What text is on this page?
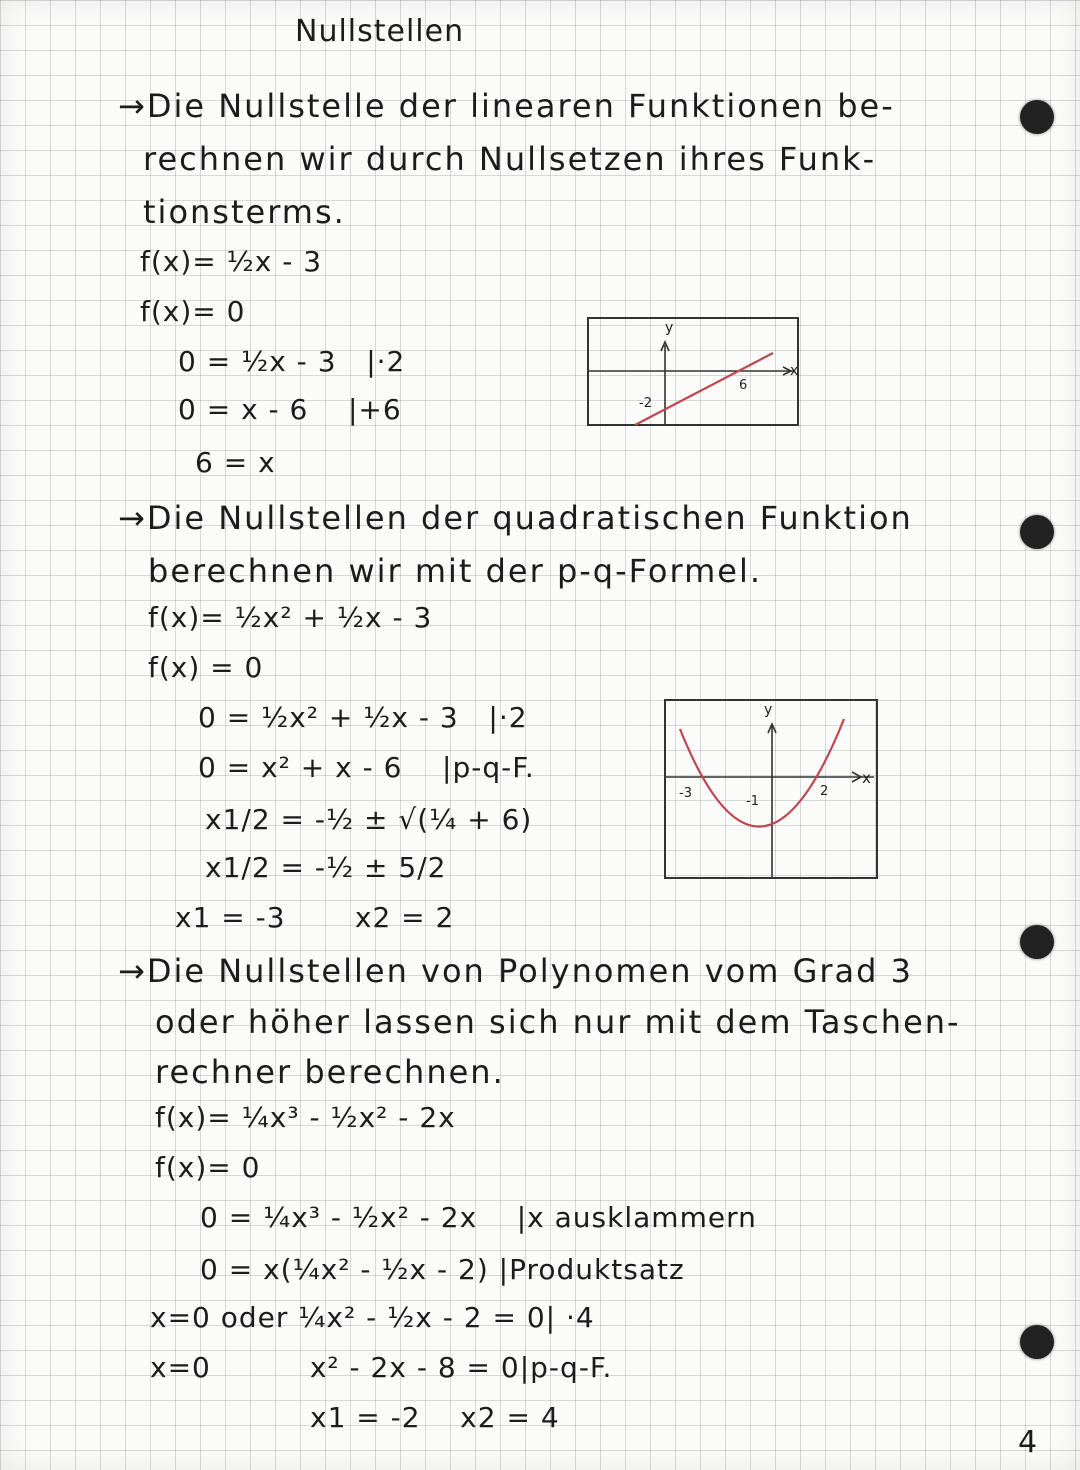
Nullstellen
→Die Nullstelle der linearen Funktionen be-
rechnen wir durch Nullsetzen ihres Funk-
tionsterms.
f(x)= ½x - 3
f(x)= 0
0 = ½x - 3   |·2
0 = x - 6    |+6
6 = x
y
x
-2
6
→Die Nullstellen der quadratischen Funktion
berechnen wir mit der p-q-Formel.
f(x)= ½x² + ½x - 3
f(x) = 0
0 = ½x² + ½x - 3   |·2
0 = x² + x - 6    |p-q-F.
x1/2 = -½ ± √(¼ + 6)
x1/2 = -½ ± 5/2
x1 = -3       x2 = 2
y
x
-3
-1
2
→Die Nullstellen von Polynomen vom Grad 3
oder höher lassen sich nur mit dem Taschen-
rechner berechnen.
f(x)= ¼x³ - ½x² - 2x
f(x)= 0
0 = ¼x³ - ½x² - 2x    |x ausklammern
0 = x(¼x² - ½x - 2) |Produktsatz
x=0 oder ¼x² - ½x - 2 = 0| ·4
x=0          x² - 2x - 8 = 0|p-q-F.
x1 = -2    x2 = 4
4
